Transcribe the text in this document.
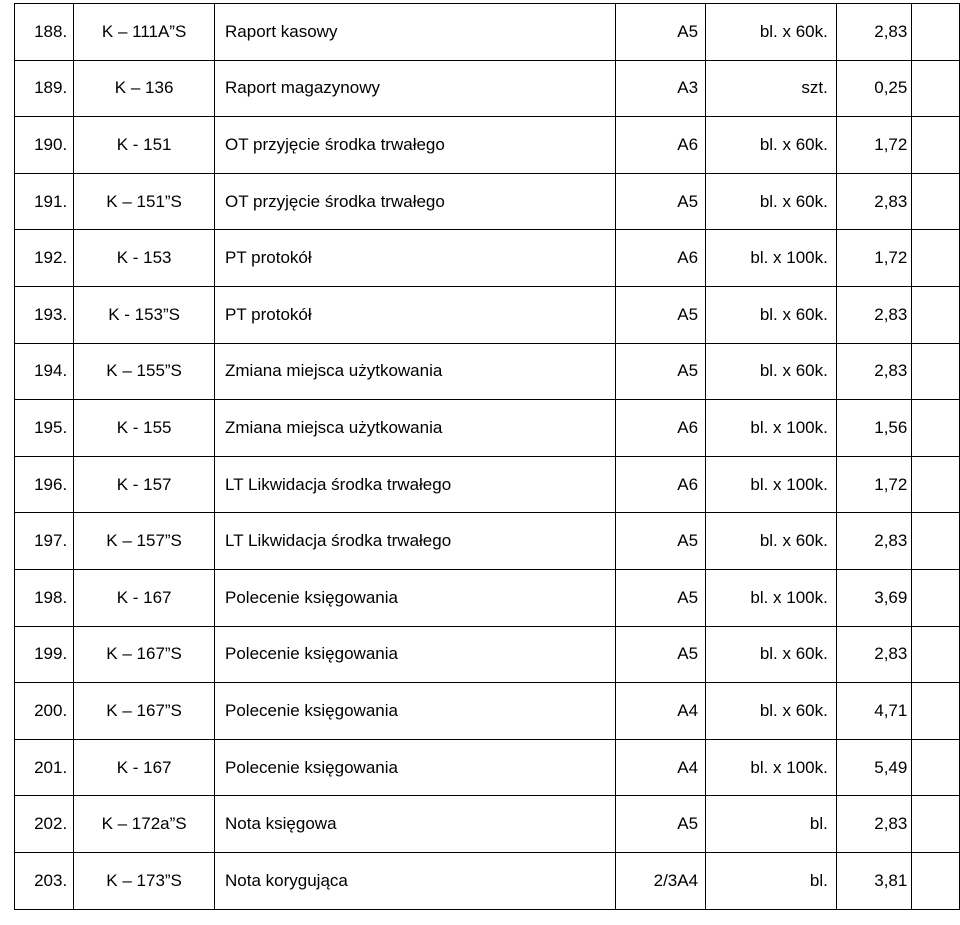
188.	K – 111A”S	Raport kasowy	A5	bl. x 60k.	2,83	
189.	K – 136	Raport magazynowy	A3	szt.	0,25	
190.	K - 151	OT przyjęcie środka trwałego	A6	bl. x 60k.	1,72	
191.	K – 151”S	OT przyjęcie środka trwałego	A5	bl. x 60k.	2,83	
192.	K - 153	PT protokół	A6	bl. x 100k.	1,72	
193.	K - 153”S	PT protokół	A5	bl. x 60k.	2,83	
194.	K – 155”S	Zmiana miejsca użytkowania	A5	bl. x 60k.	2,83	
195.	K - 155	Zmiana miejsca użytkowania	A6	bl. x 100k.	1,56	
196.	K - 157	LT Likwidacja środka trwałego	A6	bl. x 100k.	1,72	
197.	K – 157”S	LT Likwidacja środka trwałego	A5	bl. x 60k.	2,83	
198.	K - 167	Polecenie księgowania	A5	bl. x 100k.	3,69	
199.	K – 167”S	Polecenie księgowania	A5	bl. x 60k.	2,83	
200.	K – 167”S	Polecenie księgowania	A4	bl. x 60k.	4,71	
201.	K - 167	Polecenie księgowania	A4	bl. x 100k.	5,49	
202.	K – 172a”S	Nota księgowa	A5	bl.	2,83	
203.	K – 173”S	Nota korygująca	2/3A4	bl.	3,81	
